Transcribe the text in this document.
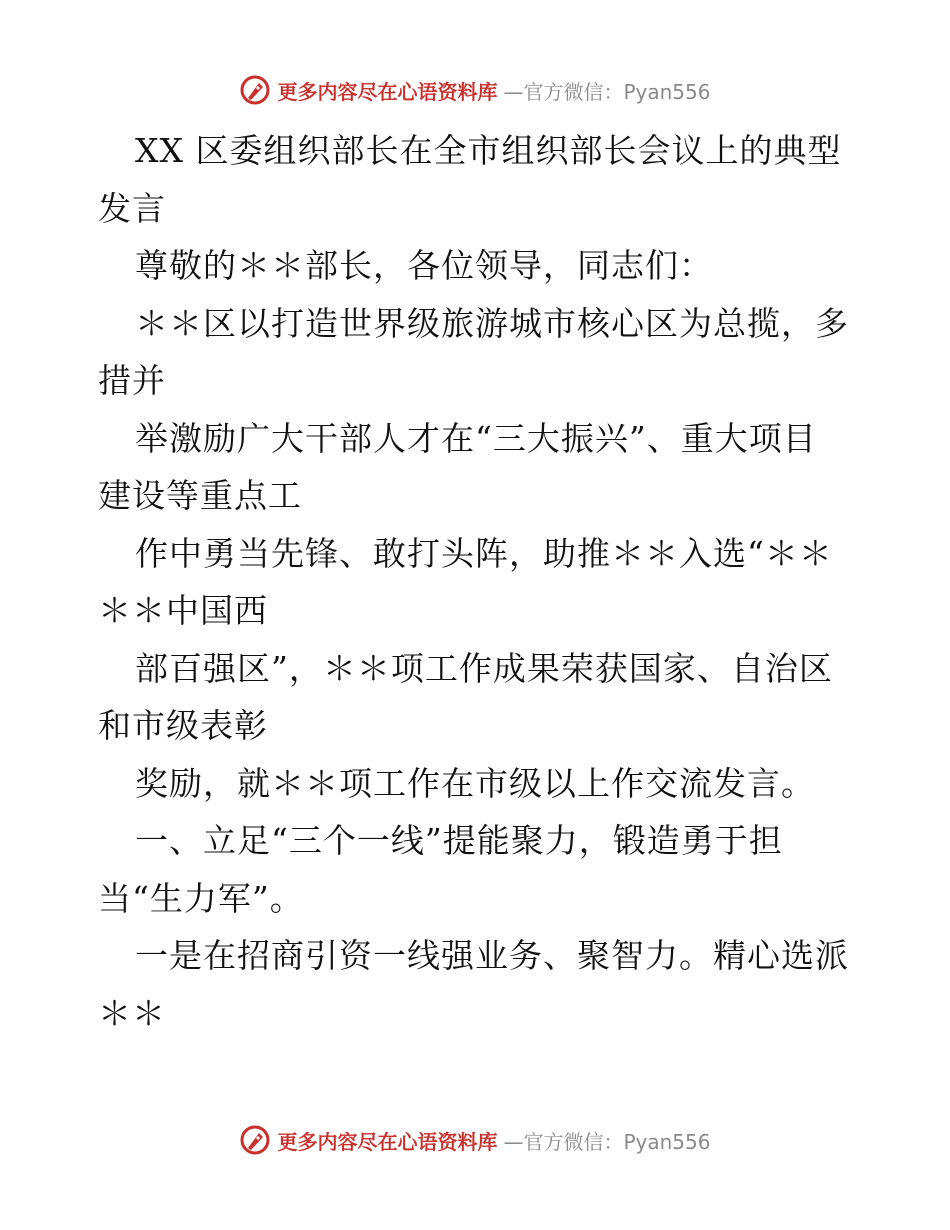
更多内容尽在心语资料库 —官方微信：Pyan556
XX 区委组织部长在全市组织部长会议上的典型
发言
尊敬的＊＊部长，各位领导，同志们：
＊＊区以打造世界级旅游城市核心区为总揽，多
措并
举激励广大干部人才在“三大振兴”、重大项目
建设等重点工
作中勇当先锋、敢打头阵，助推＊＊入选“＊＊
＊＊中国西
部百强区”，＊＊项工作成果荣获国家、自治区
和市级表彰
奖励，就＊＊项工作在市级以上作交流发言。
一、立足“三个一线”提能聚力，锻造勇于担
当“生力军”。
一是在招商引资一线强业务、聚智力。精心选派
＊＊
更多内容尽在心语资料库 —官方微信：Pyan556
